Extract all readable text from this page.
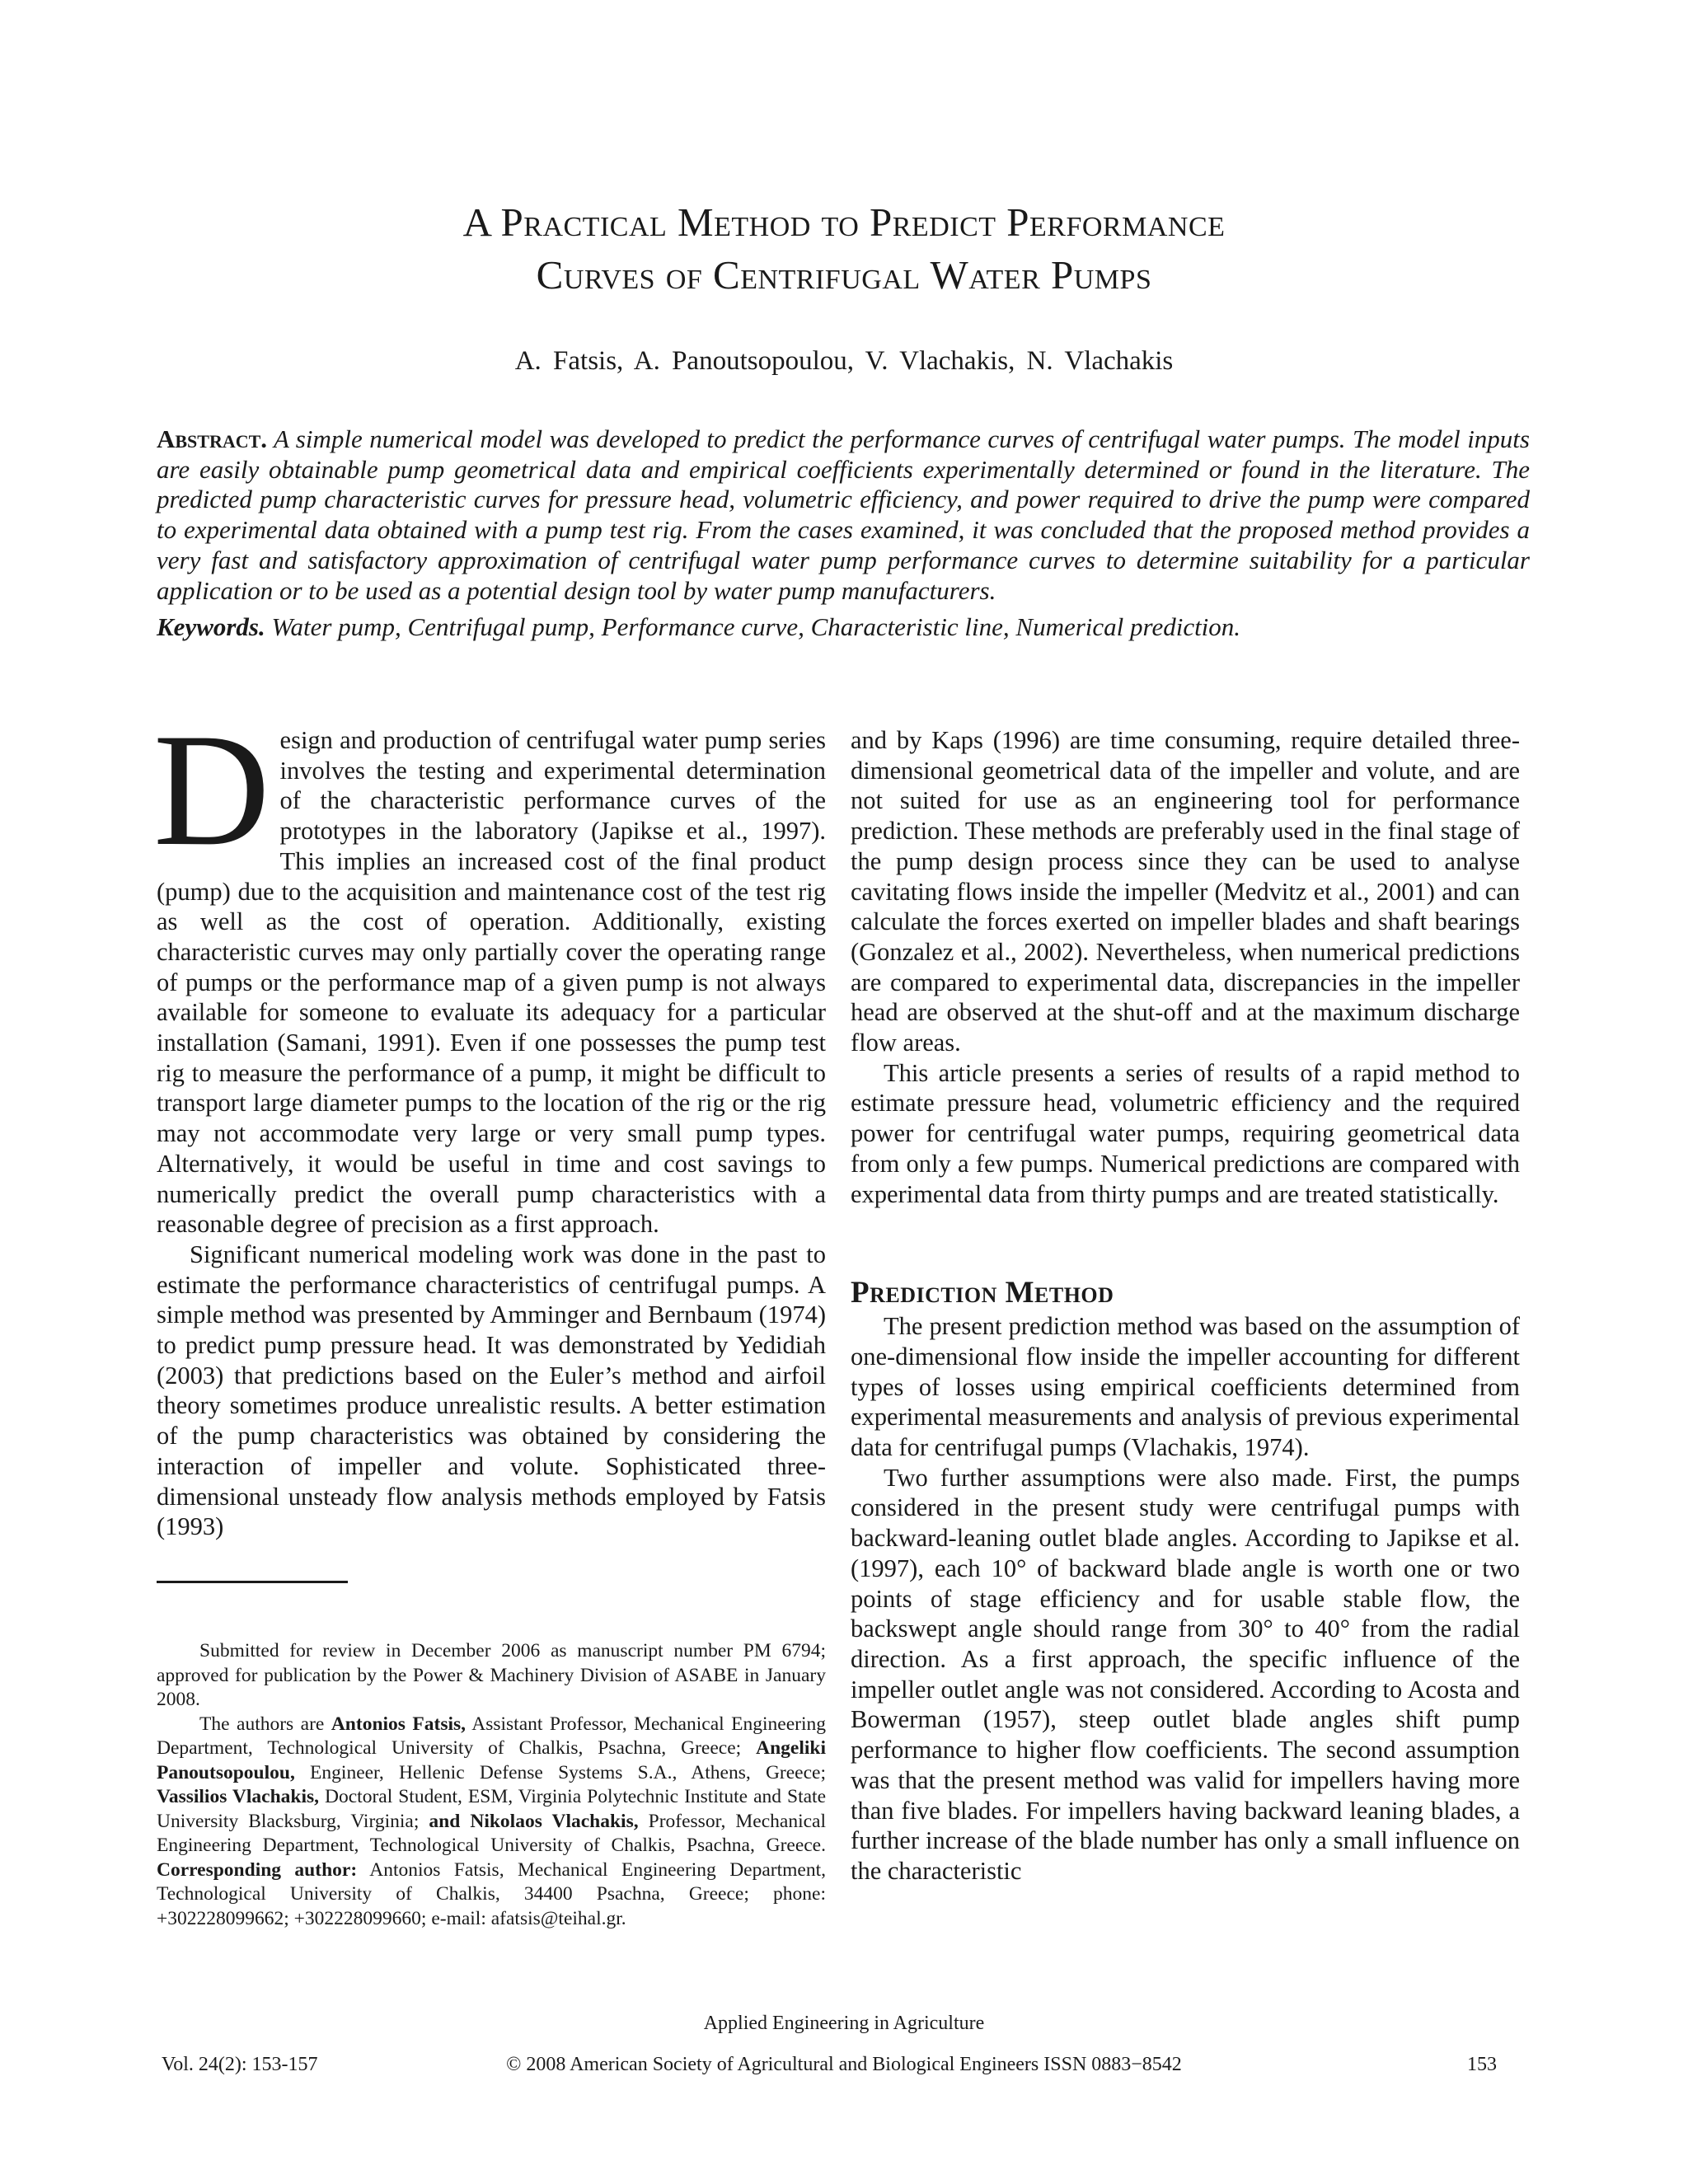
A Practical Method to Predict Performance
Curves of Centrifugal Water Pumps
A. Fatsis, A. Panoutsopoulou, V. Vlachakis, N. Vlachakis

Abstract. A simple numerical model was developed to predict the performance curves of centrifugal water pumps. The model inputs are easily obtainable pump geometrical data and empirical coefficients experimentally determined or found in the literature. The predicted pump characteristic curves for pressure head, volumetric efficiency, and power required to drive the pump were compared to experimental data obtained with a pump test rig. From the cases examined, it was concluded that the proposed method provides a very fast and satisfactory approximation of centrifugal water pump performance curves to determine suitability for a particular application or to be used as a potential design tool by water pump manufacturers.

Keywords. Water pump, Centrifugal pump, Performance curve, Characteristic line, Numerical prediction.

Design and production of centrifugal water pump series involves the testing and experimental determination of the characteristic performance curves of the prototypes in the laboratory (Japikse et al., 1997). This implies an increased cost of the final product (pump) due to the acquisition and maintenance cost of the test rig as well as the cost of operation. Additionally, existing characteristic curves may only partially cover the operating range of pumps or the performance map of a given pump is not always available for someone to evaluate its adequacy for a particular installation (Samani, 1991). Even if one possesses the pump test rig to measure the performance of a pump, it might be difficult to transport large diameter pumps to the location of the rig or the rig may not accommodate very large or very small pump types. Alternatively, it would be useful in time and cost savings to numerically predict the overall pump characteristics with a reasonable degree of precision as a first approach.

Significant numerical modeling work was done in the past to estimate the performance characteristics of centrifugal pumps. A simple method was presented by Amminger and Bernbaum (1974) to predict pump pressure head. It was demonstrated by Yedidiah (2003) that predictions based on the Euler’s method and airfoil theory sometimes produce unrealistic results. A better estimation of the pump characteristics was obtained by considering the interaction of impeller and volute. Sophisticated three-dimensional unsteady flow analysis methods employed by Fatsis (1993)

and by Kaps (1996) are time consuming, require detailed three-dimensional geometrical data of the impeller and volute, and are not suited for use as an engineering tool for performance prediction. These methods are preferably used in the final stage of the pump design process since they can be used to analyse cavitating flows inside the impeller (Medvitz et al., 2001) and can calculate the forces exerted on impeller blades and shaft bearings (Gonzalez et al., 2002). Nevertheless, when numerical predictions are compared to experimental data, discrepancies in the impeller head are observed at the shut-off and at the maximum discharge flow areas.

This article presents a series of results of a rapid method to estimate pressure head, volumetric efficiency and the required power for centrifugal water pumps, requiring geometrical data from only a few pumps. Numerical predictions are compared with experimental data from thirty pumps and are treated statistically.

Prediction Method

The present prediction method was based on the assumption of one-dimensional flow inside the impeller accounting for different types of losses using empirical coefficients determined from experimental measurements and analysis of previous experimental data for centrifugal pumps (Vlachakis, 1974).

Two further assumptions were also made. First, the pumps considered in the present study were centrifugal pumps with backward-leaning outlet blade angles. According to Japikse et al. (1997), each 10° of backward blade angle is worth one or two points of stage efficiency and for usable stable flow, the backswept angle should range from 30° to 40° from the radial direction. As a first approach, the specific influence of the impeller outlet angle was not considered. According to Acosta and Bowerman (1957), steep outlet blade angles shift pump performance to higher flow coefficients. The second assumption was that the present method was valid for impellers having more than five blades. For impellers having backward leaning blades, a further increase of the blade number has only a small influence on the characteristic

Submitted for review in December 2006 as manuscript number PM 6794; approved for publication by the Power & Machinery Division of ASABE in January 2008.

The authors are Antonios Fatsis, Assistant Professor, Mechanical Engineering Department, Technological University of Chalkis, Psachna, Greece; Angeliki Panoutsopoulou, Engineer, Hellenic Defense Systems S.A., Athens, Greece; Vassilios Vlachakis, Doctoral Student, ESM, Virginia Polytechnic Institute and State University Blacksburg, Virginia; and Nikolaos Vlachakis, Professor, Mechanical Engineering Department, Technological University of Chalkis, Psachna, Greece. Corresponding author: Antonios Fatsis, Mechanical Engineering Department, Technological University of Chalkis, 34400 Psachna, Greece; phone: +302228099662; +302228099660; e-mail: afatsis@teihal.gr.

Applied Engineering in Agriculture
Vol. 24(2): 153-157	© 2008 American Society of Agricultural and Biological Engineers ISSN 0883−8542	153
